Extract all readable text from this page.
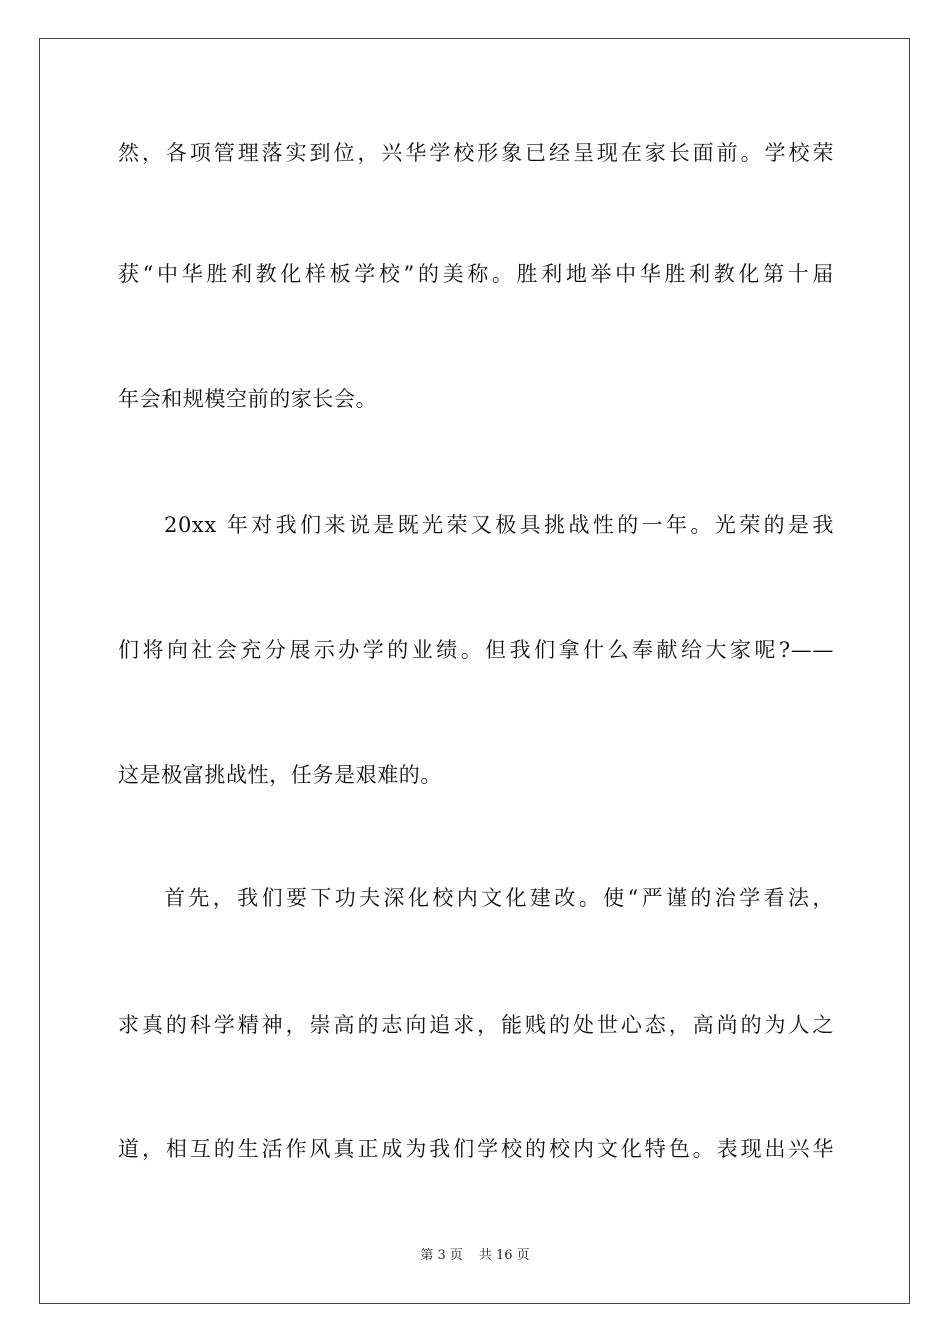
然，各项管理落实到位，兴华学校形象已经呈现在家长面前。学校荣
获“中华胜利教化样板学校”的美称。胜利地举中华胜利教化第十届
年会和规模空前的家长会。
20xx 年对我们来说是既光荣又极具挑战性的一年。光荣的是我
们将向社会充分展示办学的业绩。但我们拿什么奉献给大家呢?——
这是极富挑战性，任务是艰难的。
首先，我们要下功夫深化校内文化建改。使“严谨的治学看法，
求真的科学精神，崇高的志向追求，能贱的处世心态，高尚的为人之
道，相互的生活作风真正成为我们学校的校内文化特色。表现出兴华
第 3 页 共 16 页
